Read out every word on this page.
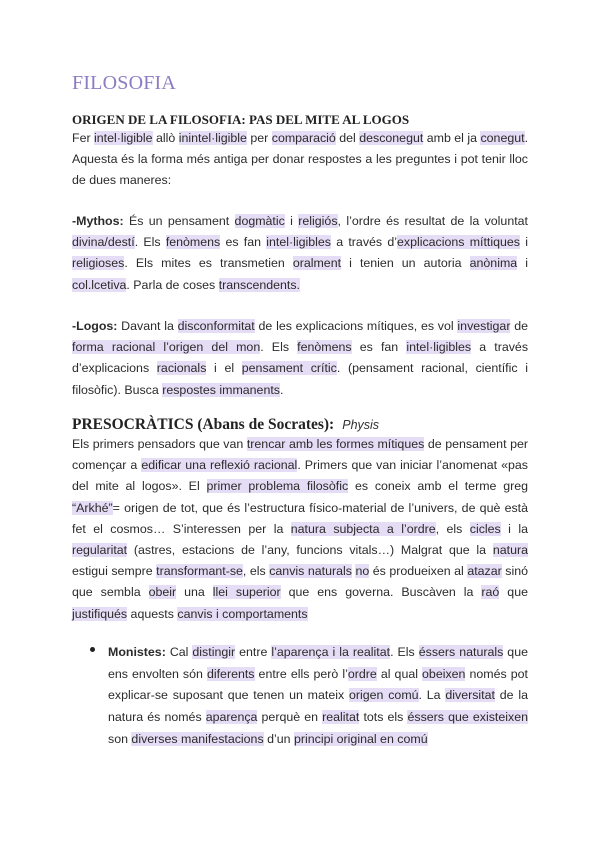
FILOSOFIA
ORIGEN DE LA FILOSOFIA: PAS DEL MITE AL LOGOS
Fer intel·ligible allò inintel·ligible per comparació del desconegut amb el ja conegut. Aquesta és la forma més antiga per donar respostes a les preguntes i pot tenir lloc de dues maneres:
-Mythos: És un pensament dogmàtic i religiós, l’ordre és resultat de la voluntat divina/destí. Els fenòmens es fan intel·ligibles a través d’explicacions míttiques i religioses. Els mites es transmetien oralment i tenien un autoria anònima i col.lcetiva. Parla de coses transcendents.
-Logos: Davant la disconformitat de les explicacions mítiques, es vol investigar de forma racional l’origen del mon. Els fenòmens es fan intel·ligibles a través d’explicacions racionals i el pensament crític. (pensament racional, científic i filosòfic). Busca respostes immanents.
PRESOCRÀTICS (Abans de Socrates): Physis
Els primers pensadors que van trencar amb les formes mítiques de pensament per començar a edificar una reflexió racional. Primers que van iniciar l’anomenat «pas del mite al logos». El primer problema filosòfic es coneix amb el terme greg “Arkhé”= origen de tot, que és l’estructura físico-material de l’univers, de què està fet el cosmos… S’interessen per la natura subjecta a l’ordre, els cicles i la regularitat (astres, estacions de l’any, funcions vitals…) Malgrat que la natura estigui sempre transformant-se, els canvis naturals no és produeixen al atazar sinó que sembla obeir una llei superior que ens governa. Buscàven la raó que justifiqués aquests canvis i comportaments
Monistes: Cal distingir entre l’aparença i la realitat. Els éssers naturals que ens envolten són diferents entre ells però l’ordre al qual obeixen només pot explicar-se suposant que tenen un mateix origen comú. La diversitat de la natura és només aparença perquè en realitat tots els éssers que existeixen son diverses manifestacions d’un principi original en comú
